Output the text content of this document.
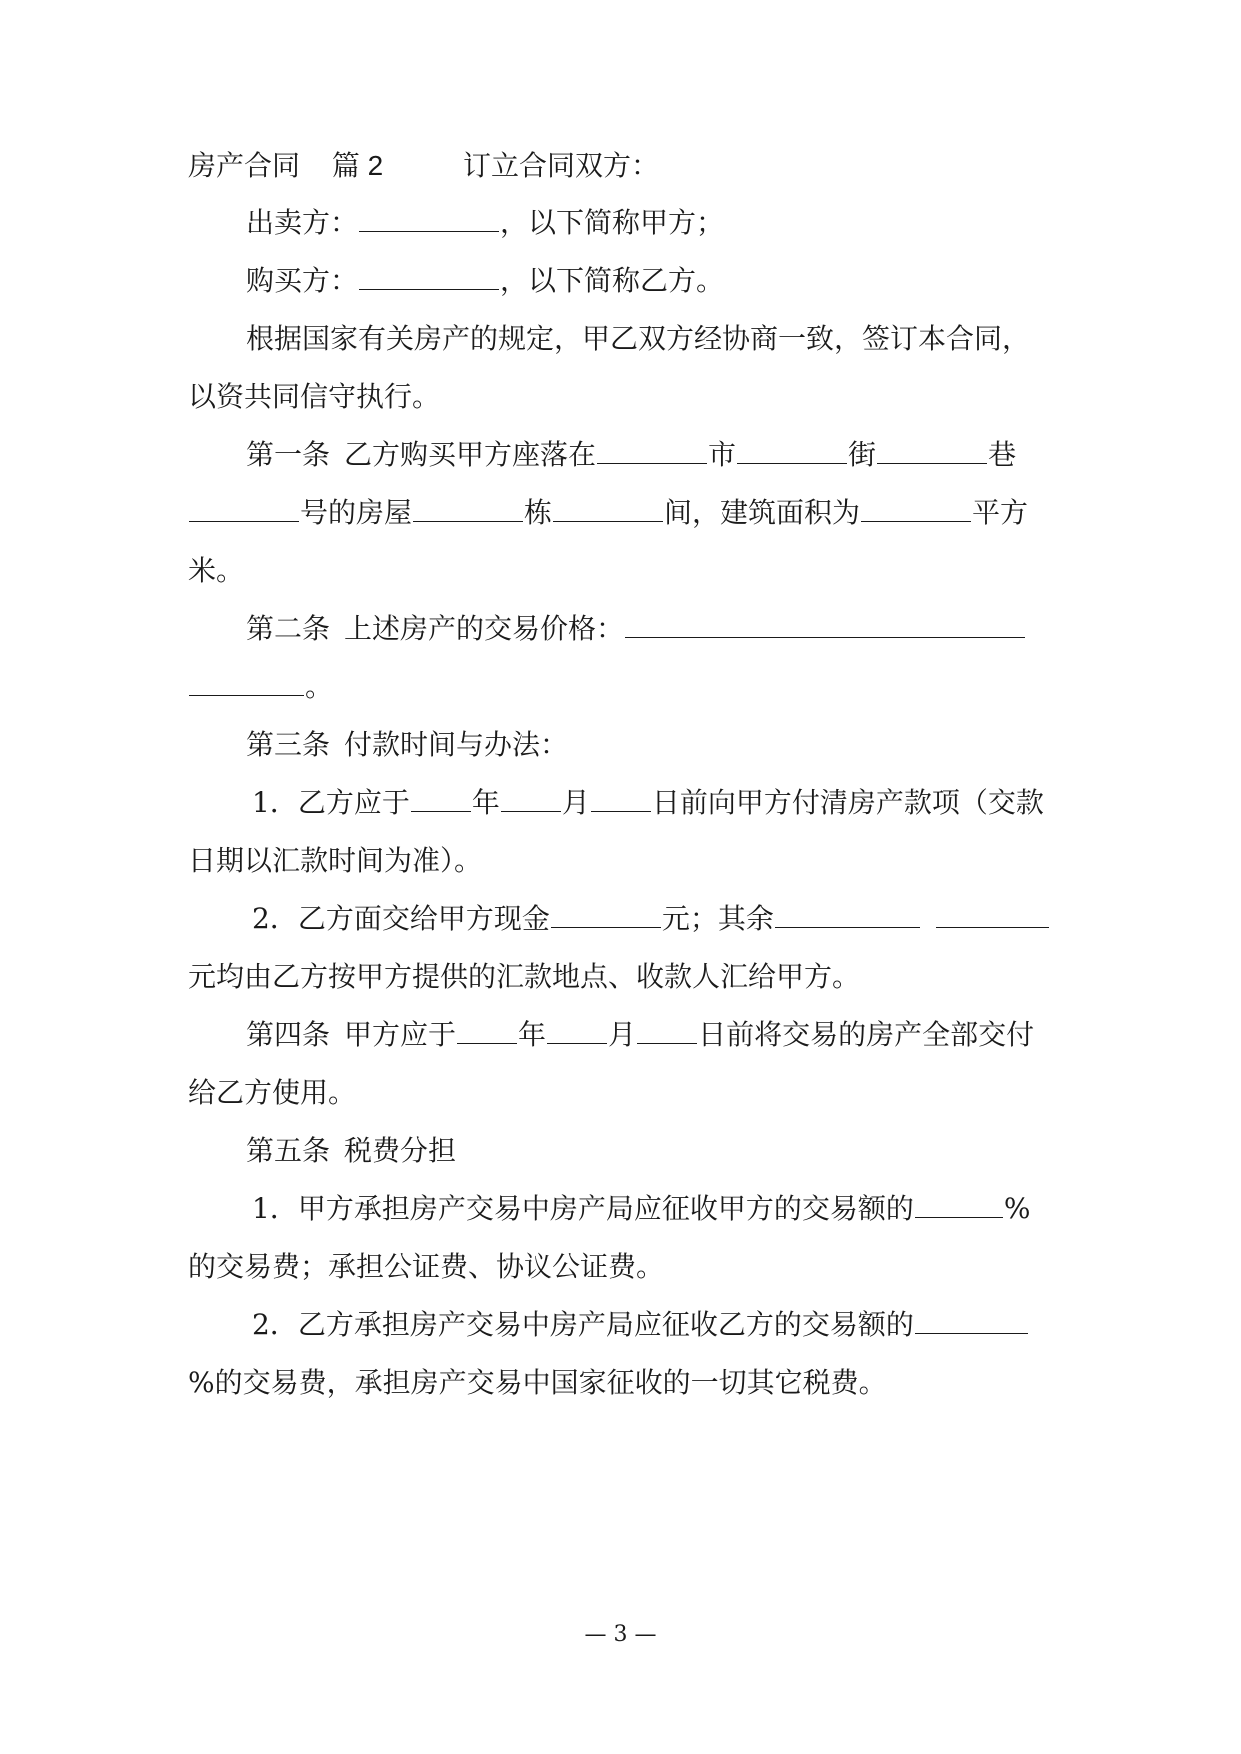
房产合同 篇 2	订立合同双方：
出卖方：	，以下简称甲方；
购买方：	，以下简称乙方。
根据国家有关房产的规定，甲乙双方经协商一致，签订本合同，
以资共同信守执行。
第一条 乙方购买甲方座落在	市	街	巷
号的房屋	栋	间，建筑面积为	平方
米。
第二条 上述房产的交易价格：
。
第三条 付款时间与办法：
1．乙方应于 年 月 日前向甲方付清房产款项（交款
日期以汇款时间为准）。
2．乙方面交给甲方现金	元；其余
元均由乙方按甲方提供的汇款地点、收款人汇给甲方。
第四条 甲方应于 年 月 日前将交易的房产全部交付
给乙方使用。
第五条 税费分担
1．甲方承担房产交易中房产局应征收甲方的交易额的	%
的交易费；承担公证费、协议公证费。
2．乙方承担房产交易中房产局应征收乙方的交易额的
%的交易费，承担房产交易中国家征收的一切其它税费。
— 3 —
